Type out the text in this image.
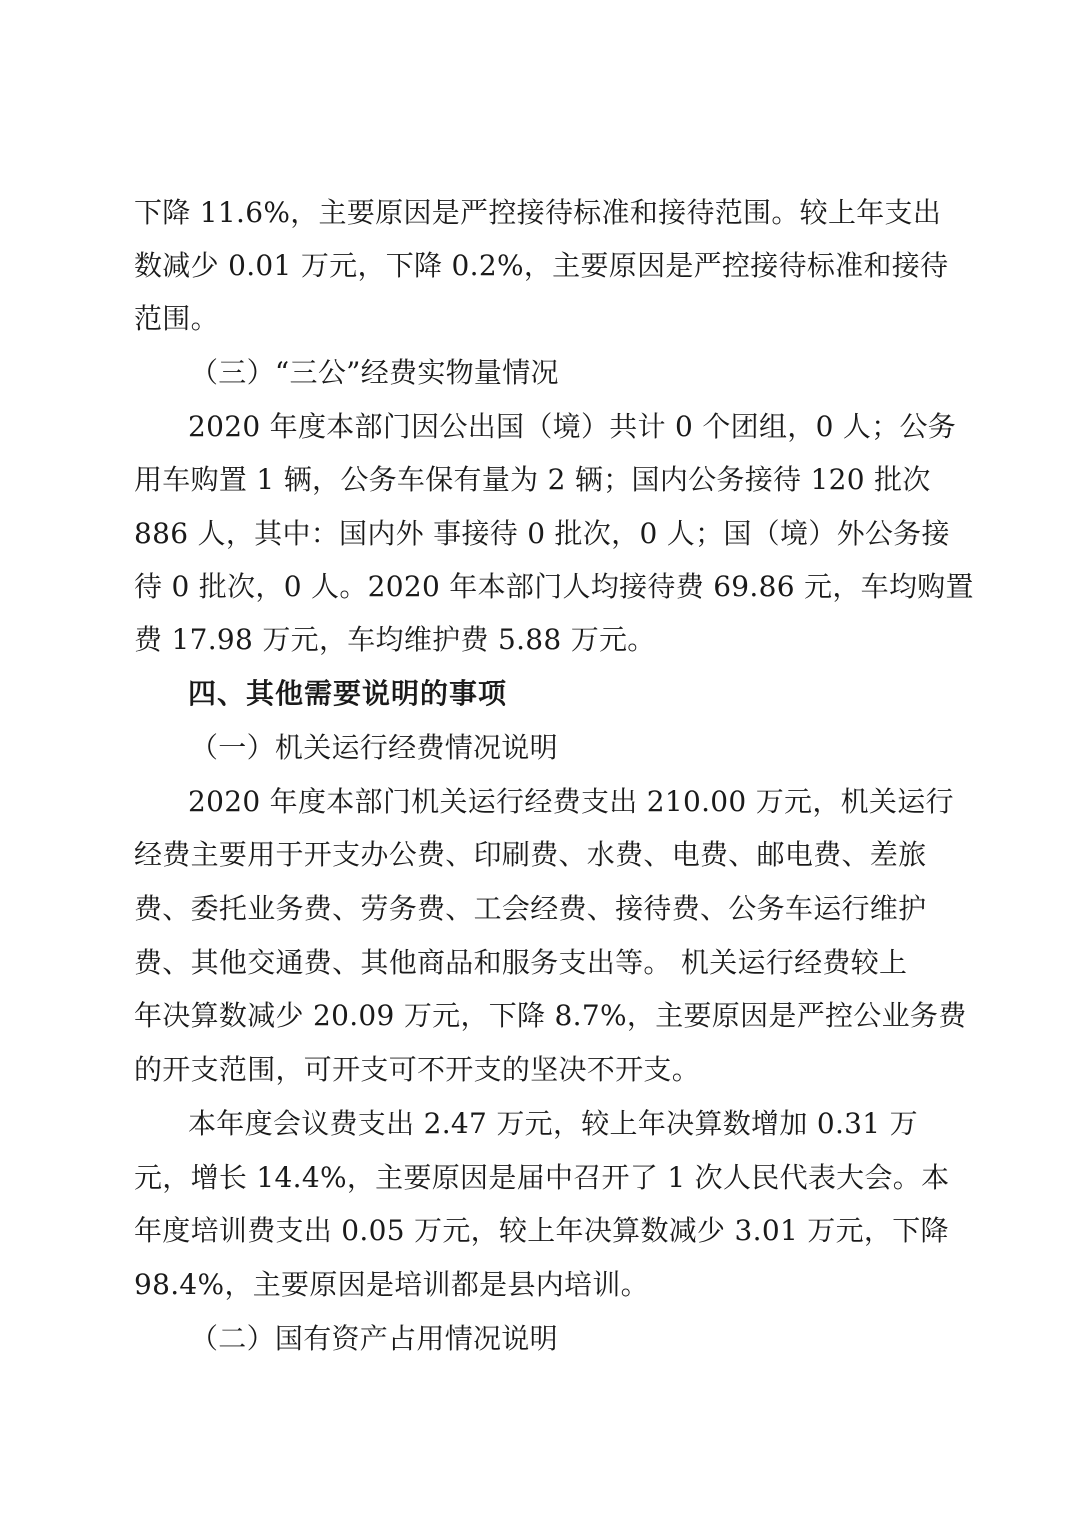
下降 11.6%，主要原因是严控接待标准和接待范围。较上年支出
数减少 0.01 万元，下降 0.2%，主要原因是严控接待标准和接待
范围。
（三）“三公”经费实物量情况
2020 年度本部门因公出国（境）共计 0 个团组，0 人；公务
用车购置 1 辆，公务车保有量为 2 辆；国内公务接待 120 批次
886 人，其中：国内外 事接待 0 批次，0 人；国（境）外公务接
待 0 批次，0 人。2020 年本部门人均接待费 69.86 元，车均购置
费 17.98 万元，车均维护费 5.88 万元。
四、其他需要说明的事项
（一）机关运行经费情况说明
2020 年度本部门机关运行经费支出 210.00 万元，机关运行
经费主要用于开支办公费、印刷费、水费、电费、邮电费、差旅
费、委托业务费、劳务费、工会经费、接待费、公务车运行维护
费、其他交通费、其他商品和服务支出等。 机关运行经费较上
年决算数减少 20.09 万元，下降 8.7%，主要原因是严控公业务费
的开支范围，可开支可不开支的坚决不开支。
本年度会议费支出 2.47 万元，较上年决算数增加 0.31 万
元，增长 14.4%，主要原因是届中召开了 1 次人民代表大会。本
年度培训费支出 0.05 万元，较上年决算数减少 3.01 万元，下降
98.4%，主要原因是培训都是县内培训。
（二）国有资产占用情况说明
